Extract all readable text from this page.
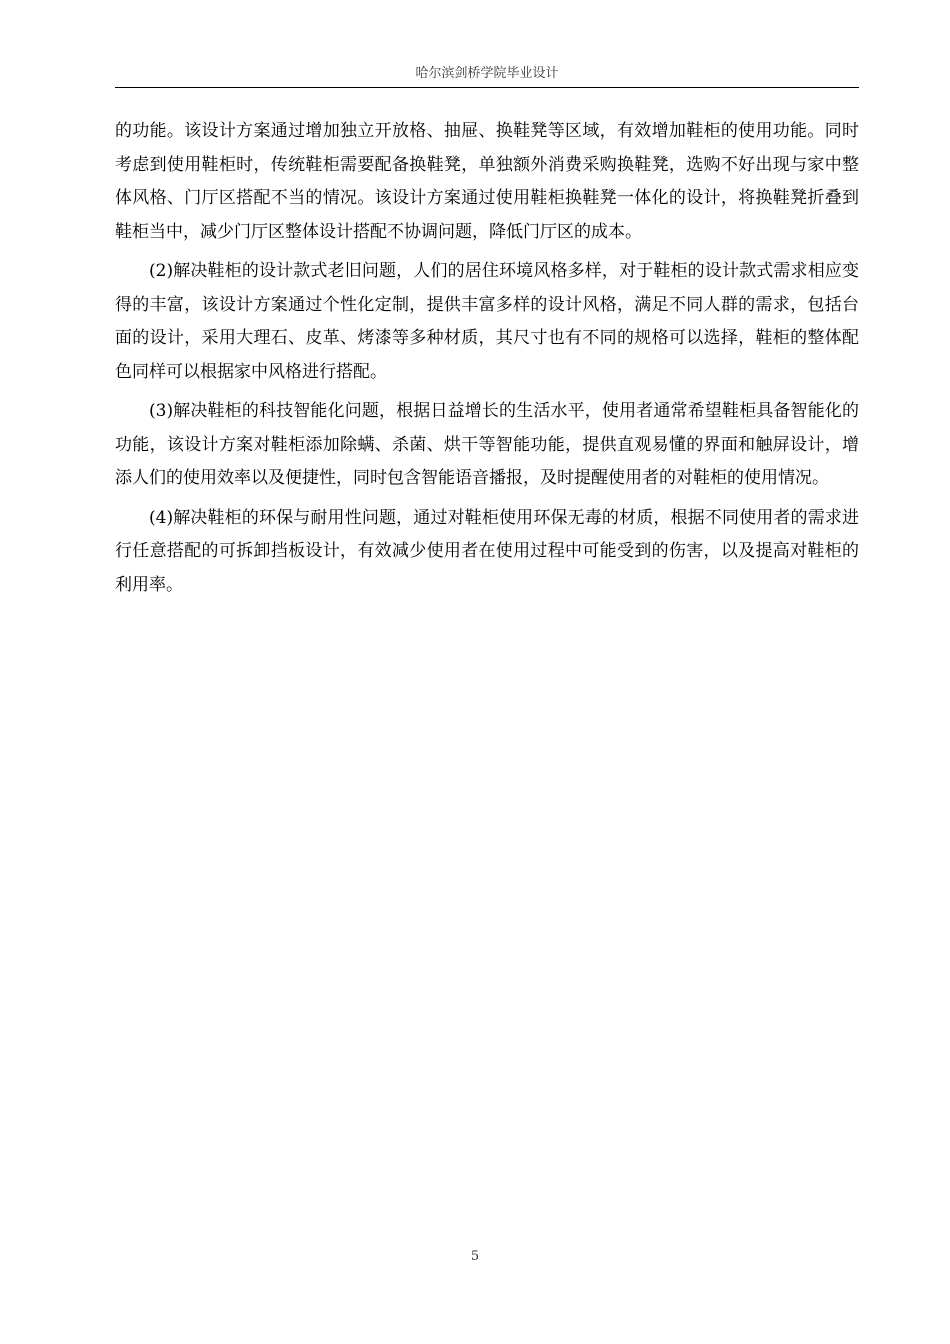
哈尔滨剑桥学院毕业设计

的功能。该设计方案通过增加独立开放格、抽屉、换鞋凳等区域，有效增加鞋柜的使用功能。同时考虑到使用鞋柜时，传统鞋柜需要配备换鞋凳，单独额外消费采购换鞋凳，选购不好出现与家中整体风格、门厅区搭配不当的情况。该设计方案通过使用鞋柜换鞋凳一体化的设计，将换鞋凳折叠到鞋柜当中，减少门厅区整体设计搭配不协调问题，降低门厅区的成本。

(2)解决鞋柜的设计款式老旧问题，人们的居住环境风格多样，对于鞋柜的设计款式需求相应变得的丰富，该设计方案通过个性化定制，提供丰富多样的设计风格，满足不同人群的需求，包括台面的设计，采用大理石、皮革、烤漆等多种材质，其尺寸也有不同的规格可以选择，鞋柜的整体配色同样可以根据家中风格进行搭配。

(3)解决鞋柜的科技智能化问题，根据日益增长的生活水平，使用者通常希望鞋柜具备智能化的功能，该设计方案对鞋柜添加除螨、杀菌、烘干等智能功能，提供直观易懂的界面和触屏设计，增添人们的使用效率以及便捷性，同时包含智能语音播报，及时提醒使用者的对鞋柜的使用情况。

(4)解决鞋柜的环保与耐用性问题，通过对鞋柜使用环保无毒的材质，根据不同使用者的需求进行任意搭配的可拆卸挡板设计，有效减少使用者在使用过程中可能受到的伤害，以及提高对鞋柜的利用率。

5
